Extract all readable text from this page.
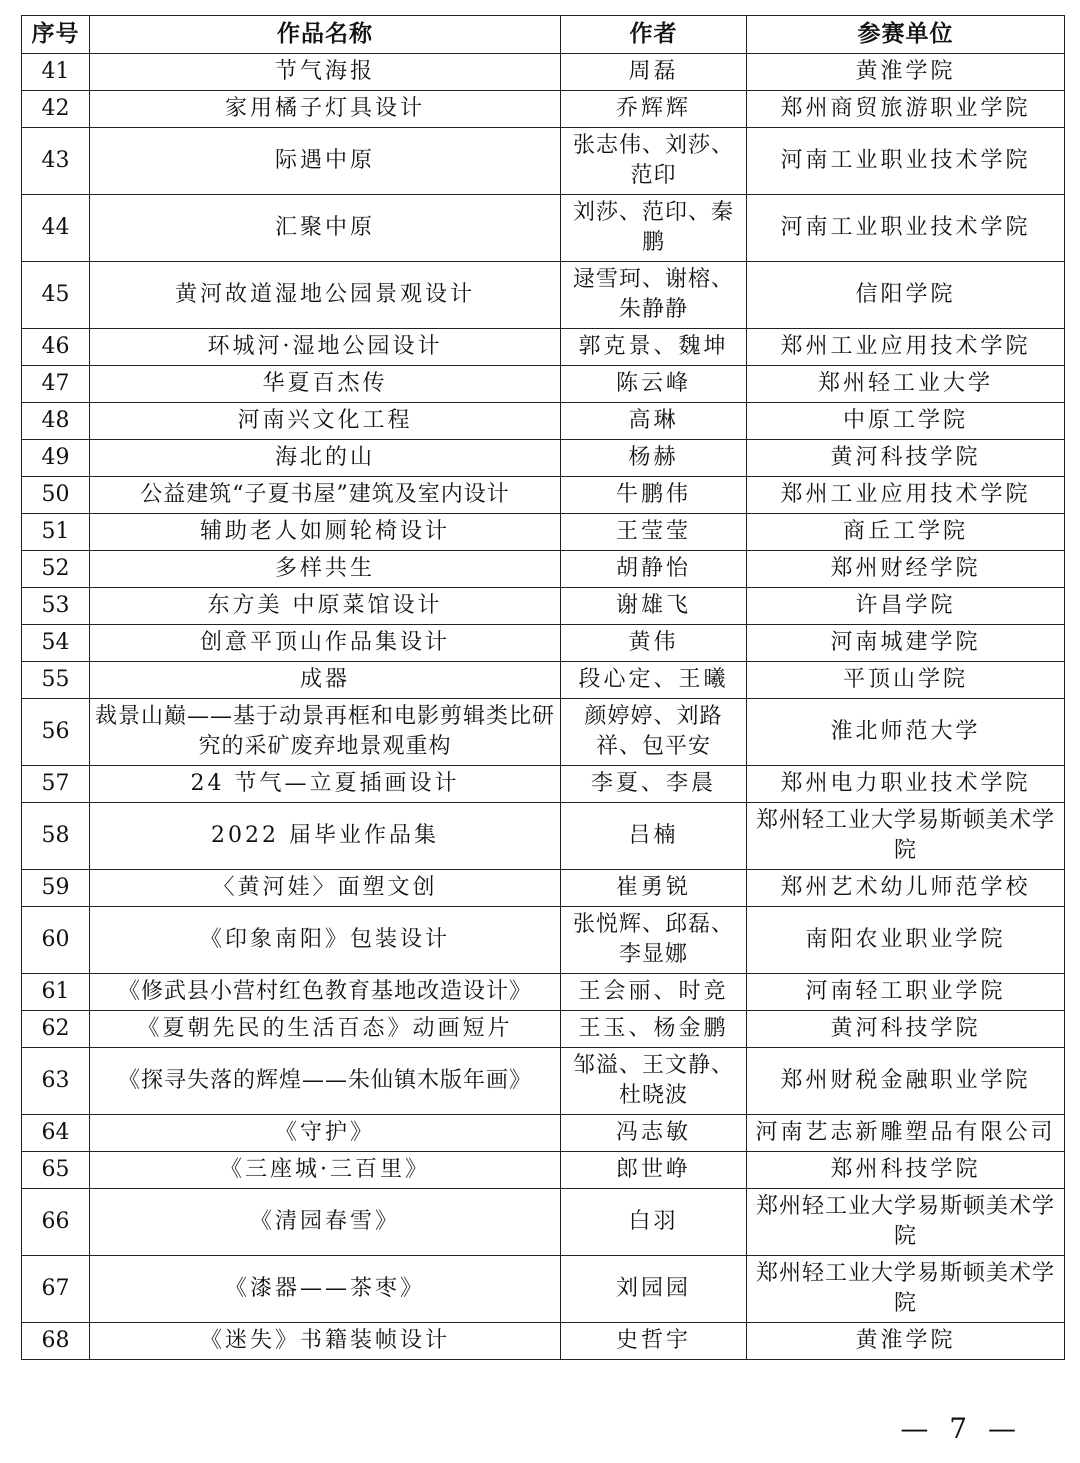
序号	作品名称	作者	参赛单位
41	节气海报	周磊	黄淮学院
42	家用橘子灯具设计	乔辉辉	郑州商贸旅游职业学院
43	际遇中原	张志伟、刘莎、范印	河南工业职业技术学院
44	汇聚中原	刘莎、范印、秦鹏	河南工业职业技术学院
45	黄河故道湿地公园景观设计	逯雪珂、谢榕、朱静静	信阳学院
46	环城河·湿地公园设计	郭克景、魏坤	郑州工业应用技术学院
47	华夏百杰传	陈云峰	郑州轻工业大学
48	河南兴文化工程	高琳	中原工学院
49	海北的山	杨赫	黄河科技学院
50	公益建筑“子夏书屋”建筑及室内设计	牛鹏伟	郑州工业应用技术学院
51	辅助老人如厕轮椅设计	王莹莹	商丘工学院
52	多样共生	胡静怡	郑州财经学院
53	东方美 中原菜馆设计	谢雄飞	许昌学院
54	创意平顶山作品集设计	黄伟	河南城建学院
55	成器	段心定、王曦	平顶山学院
56	裁景山巅——基于动景再框和电影剪辑类比研究的采矿废弃地景观重构	颜婷婷、刘路祥、包平安	淮北师范大学
57	24 节气—立夏插画设计	李夏、李晨	郑州电力职业技术学院
58	2022 届毕业作品集	吕楠	郑州轻工业大学易斯顿美术学院
59	〈黄河娃〉面塑文创	崔勇锐	郑州艺术幼儿师范学校
60	《印象南阳》包装设计	张悦辉、邱磊、李显娜	南阳农业职业学院
61	《修武县小营村红色教育基地改造设计》	王会丽、时竞	河南轻工职业学院
62	《夏朝先民的生活百态》动画短片	王玉、杨金鹏	黄河科技学院
63	《探寻失落的辉煌——朱仙镇木版年画》	邹溢、王文静、杜晓波	郑州财税金融职业学院
64	《守护》	冯志敏	河南艺志新雕塑品有限公司
65	《三座城·三百里》	郎世峥	郑州科技学院
66	《清园春雪》	白羽	郑州轻工业大学易斯顿美术学院
67	《漆器——茶枣》	刘园园	郑州轻工业大学易斯顿美术学院
68	《迷失》书籍装帧设计	史哲宇	黄淮学院
— 7 —
